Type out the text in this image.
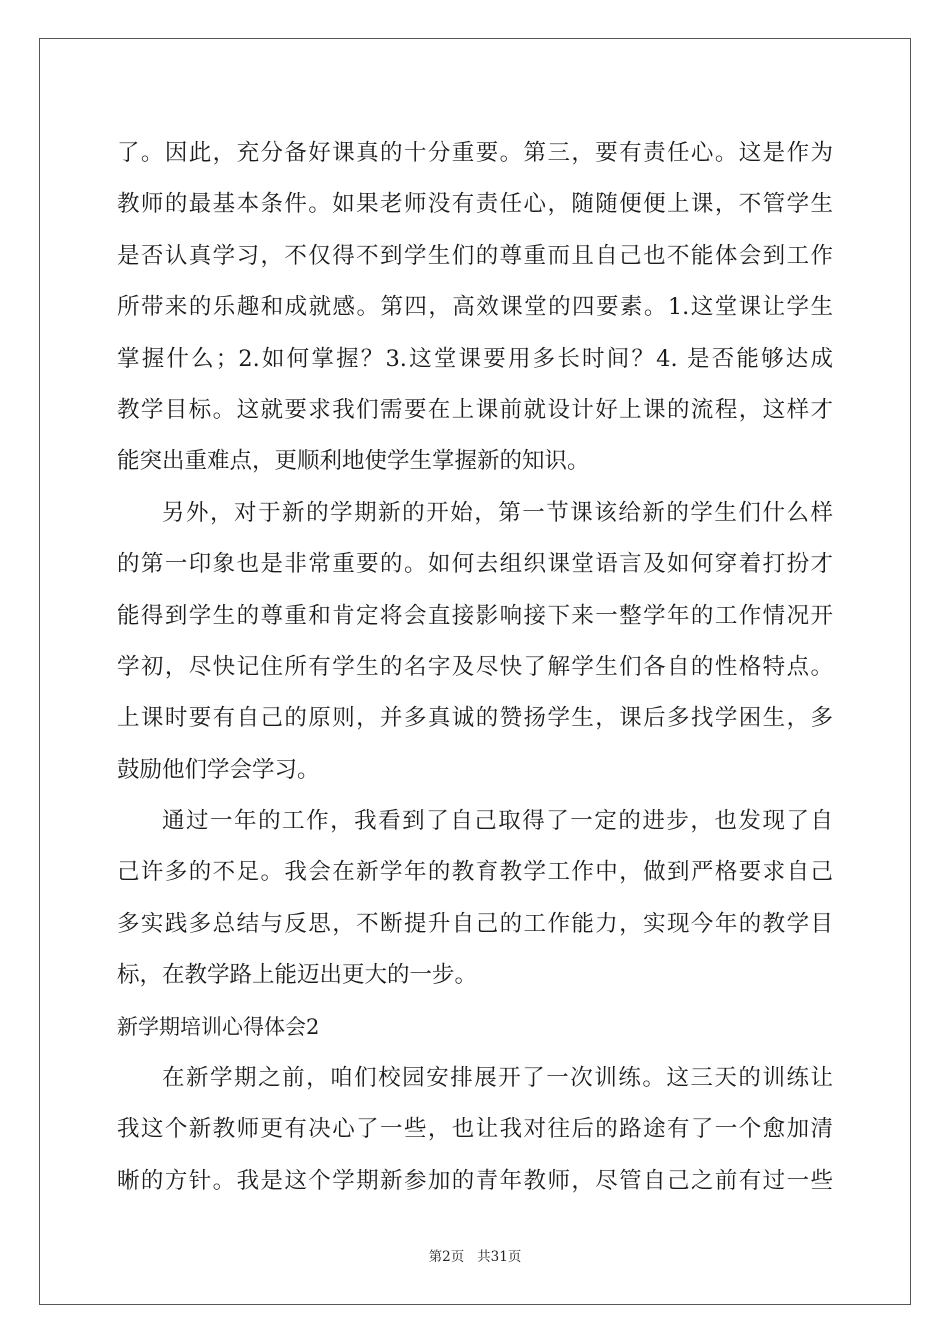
了。因此，充分备好课真的十分重要。第三，要有责任心。这是作为
教师的最基本条件。如果老师没有责任心，随随便便上课，不管学生
是否认真学习，不仅得不到学生们的尊重而且自己也不能体会到工作
所带来的乐趣和成就感。第四，高效课堂的四要素。1.这堂课让学生
掌握什么；2.如何掌握？3.这堂课要用多长时间？4. 是否能够达成
教学目标。这就要求我们需要在上课前就设计好上课的流程，这样才
能突出重难点，更顺利地使学生掌握新的知识。
另外，对于新的学期新的开始，第一节课该给新的学生们什么样
的第一印象也是非常重要的。如何去组织课堂语言及如何穿着打扮才
能得到学生的尊重和肯定将会直接影响接下来一整学年的工作情况开
学初，尽快记住所有学生的名字及尽快了解学生们各自的性格特点。
上课时要有自己的原则，并多真诚的赞扬学生，课后多找学困生，多
鼓励他们学会学习。
通过一年的工作，我看到了自己取得了一定的进步，也发现了自
己许多的不足。我会在新学年的教育教学工作中，做到严格要求自己
多实践多总结与反思，不断提升自己的工作能力，实现今年的教学目
标，在教学路上能迈出更大的一步。
新学期培训心得体会2
在新学期之前，咱们校园安排展开了一次训练。这三天的训练让
我这个新教师更有决心了一些，也让我对往后的路途有了一个愈加清
晰的方针。我是这个学期新参加的青年教师，尽管自己之前有过一些
第2页   共31页
